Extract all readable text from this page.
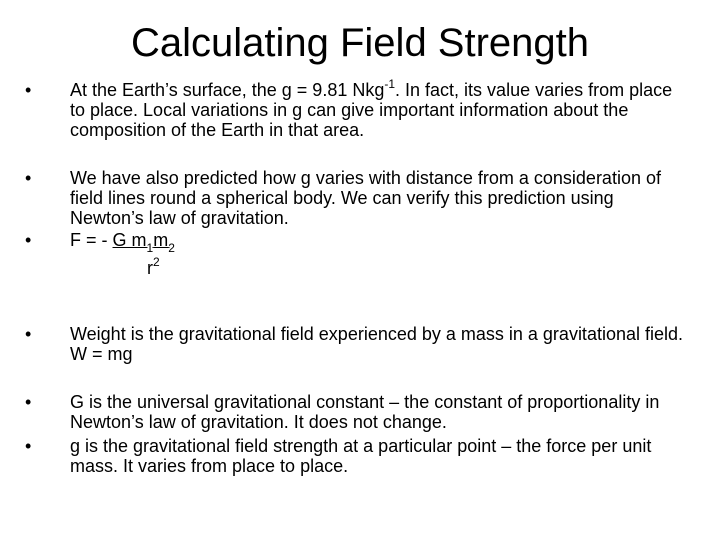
Calculating Field Strength
•	At the Earth’s surface, the g = 9.81 Nkg$^{-1}$. In fact, its value varies from place to place. Local variations in g can give important information about the composition of the Earth in that area.
•	We have also predicted how g varies with distance from a consideration of field lines round a spherical body. We can verify this prediction using Newton’s law of gravitation.
•	F = - G $m_1m_2$
$r^2$
•	Weight is the gravitational field experienced by a mass in a gravitational field. W = mg
•	G is the universal gravitational constant – the constant of proportionality in Newton’s law of gravitation. It does not change.
•	g is the gravitational field strength at a particular point – the force per unit mass. It varies from place to place.
